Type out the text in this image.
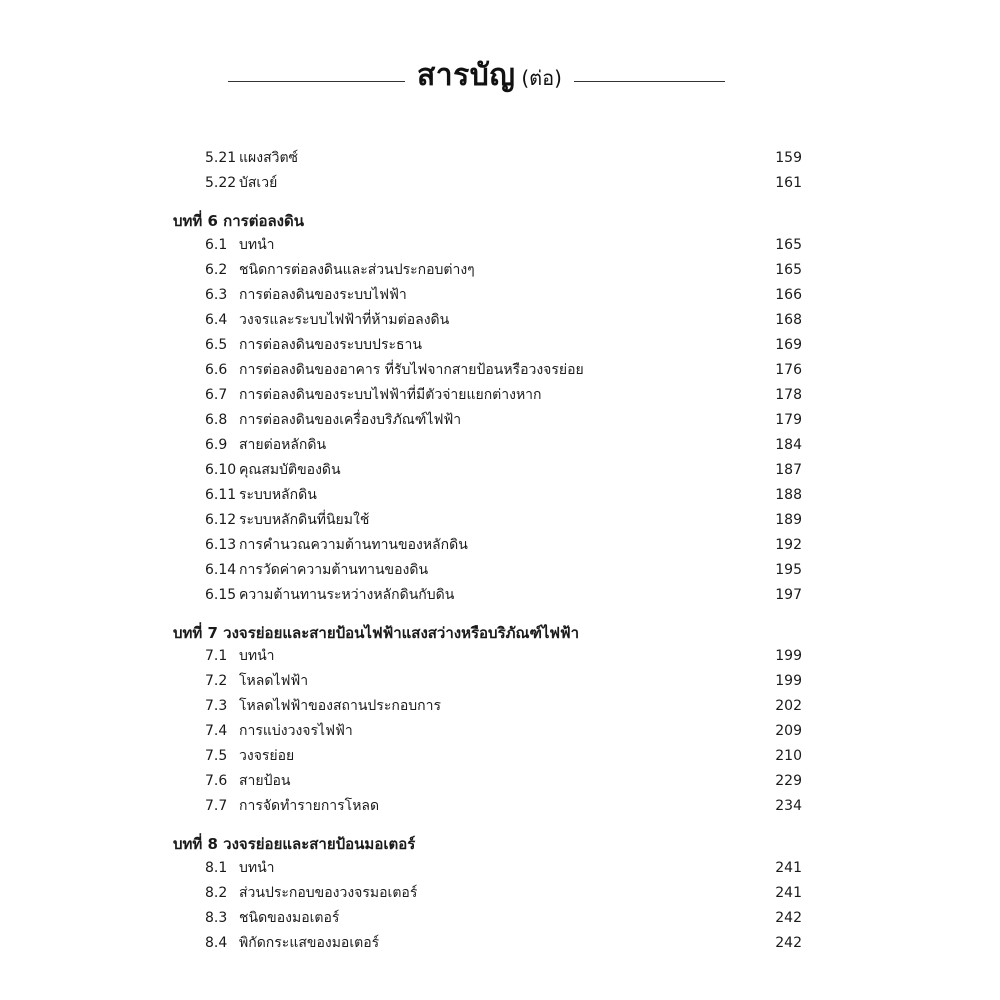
สารบัญ (ต่อ)
5.21 แผงสวิตซ์	159
5.22 บัสเวย์	161
บทที่ 6 การต่อลงดิน
6.1 บทนำ	165
6.2 ชนิดการต่อลงดินและส่วนประกอบต่างๆ	165
6.3 การต่อลงดินของระบบไฟฟ้า	166
6.4 วงจรและระบบไฟฟ้าที่ห้ามต่อลงดิน	168
6.5 การต่อลงดินของระบบประธาน	169
6.6 การต่อลงดินของอาคาร ที่รับไฟจากสายป้อนหรือวงจรย่อย	176
6.7 การต่อลงดินของระบบไฟฟ้าที่มีตัวจ่ายแยกต่างหาก	178
6.8 การต่อลงดินของเครื่องบริภัณฑ์ไฟฟ้า	179
6.9 สายต่อหลักดิน	184
6.10 คุณสมบัติของดิน	187
6.11 ระบบหลักดิน	188
6.12 ระบบหลักดินที่นิยมใช้	189
6.13 การคำนวณความต้านทานของหลักดิน	192
6.14 การวัดค่าความต้านทานของดิน	195
6.15 ความต้านทานระหว่างหลักดินกับดิน	197
บทที่ 7 วงจรย่อยและสายป้อนไฟฟ้าแสงสว่างหรือบริภัณฑ์ไฟฟ้า
7.1 บทนำ	199
7.2 โหลดไฟฟ้า	199
7.3 โหลดไฟฟ้าของสถานประกอบการ	202
7.4 การแบ่งวงจรไฟฟ้า	209
7.5 วงจรย่อย	210
7.6 สายป้อน	229
7.7 การจัดทำรายการโหลด	234
บทที่ 8 วงจรย่อยและสายป้อนมอเตอร์
8.1 บทนำ	241
8.2 ส่วนประกอบของวงจรมอเตอร์	241
8.3 ชนิดของมอเตอร์	242
8.4 พิกัดกระแสของมอเตอร์	242
